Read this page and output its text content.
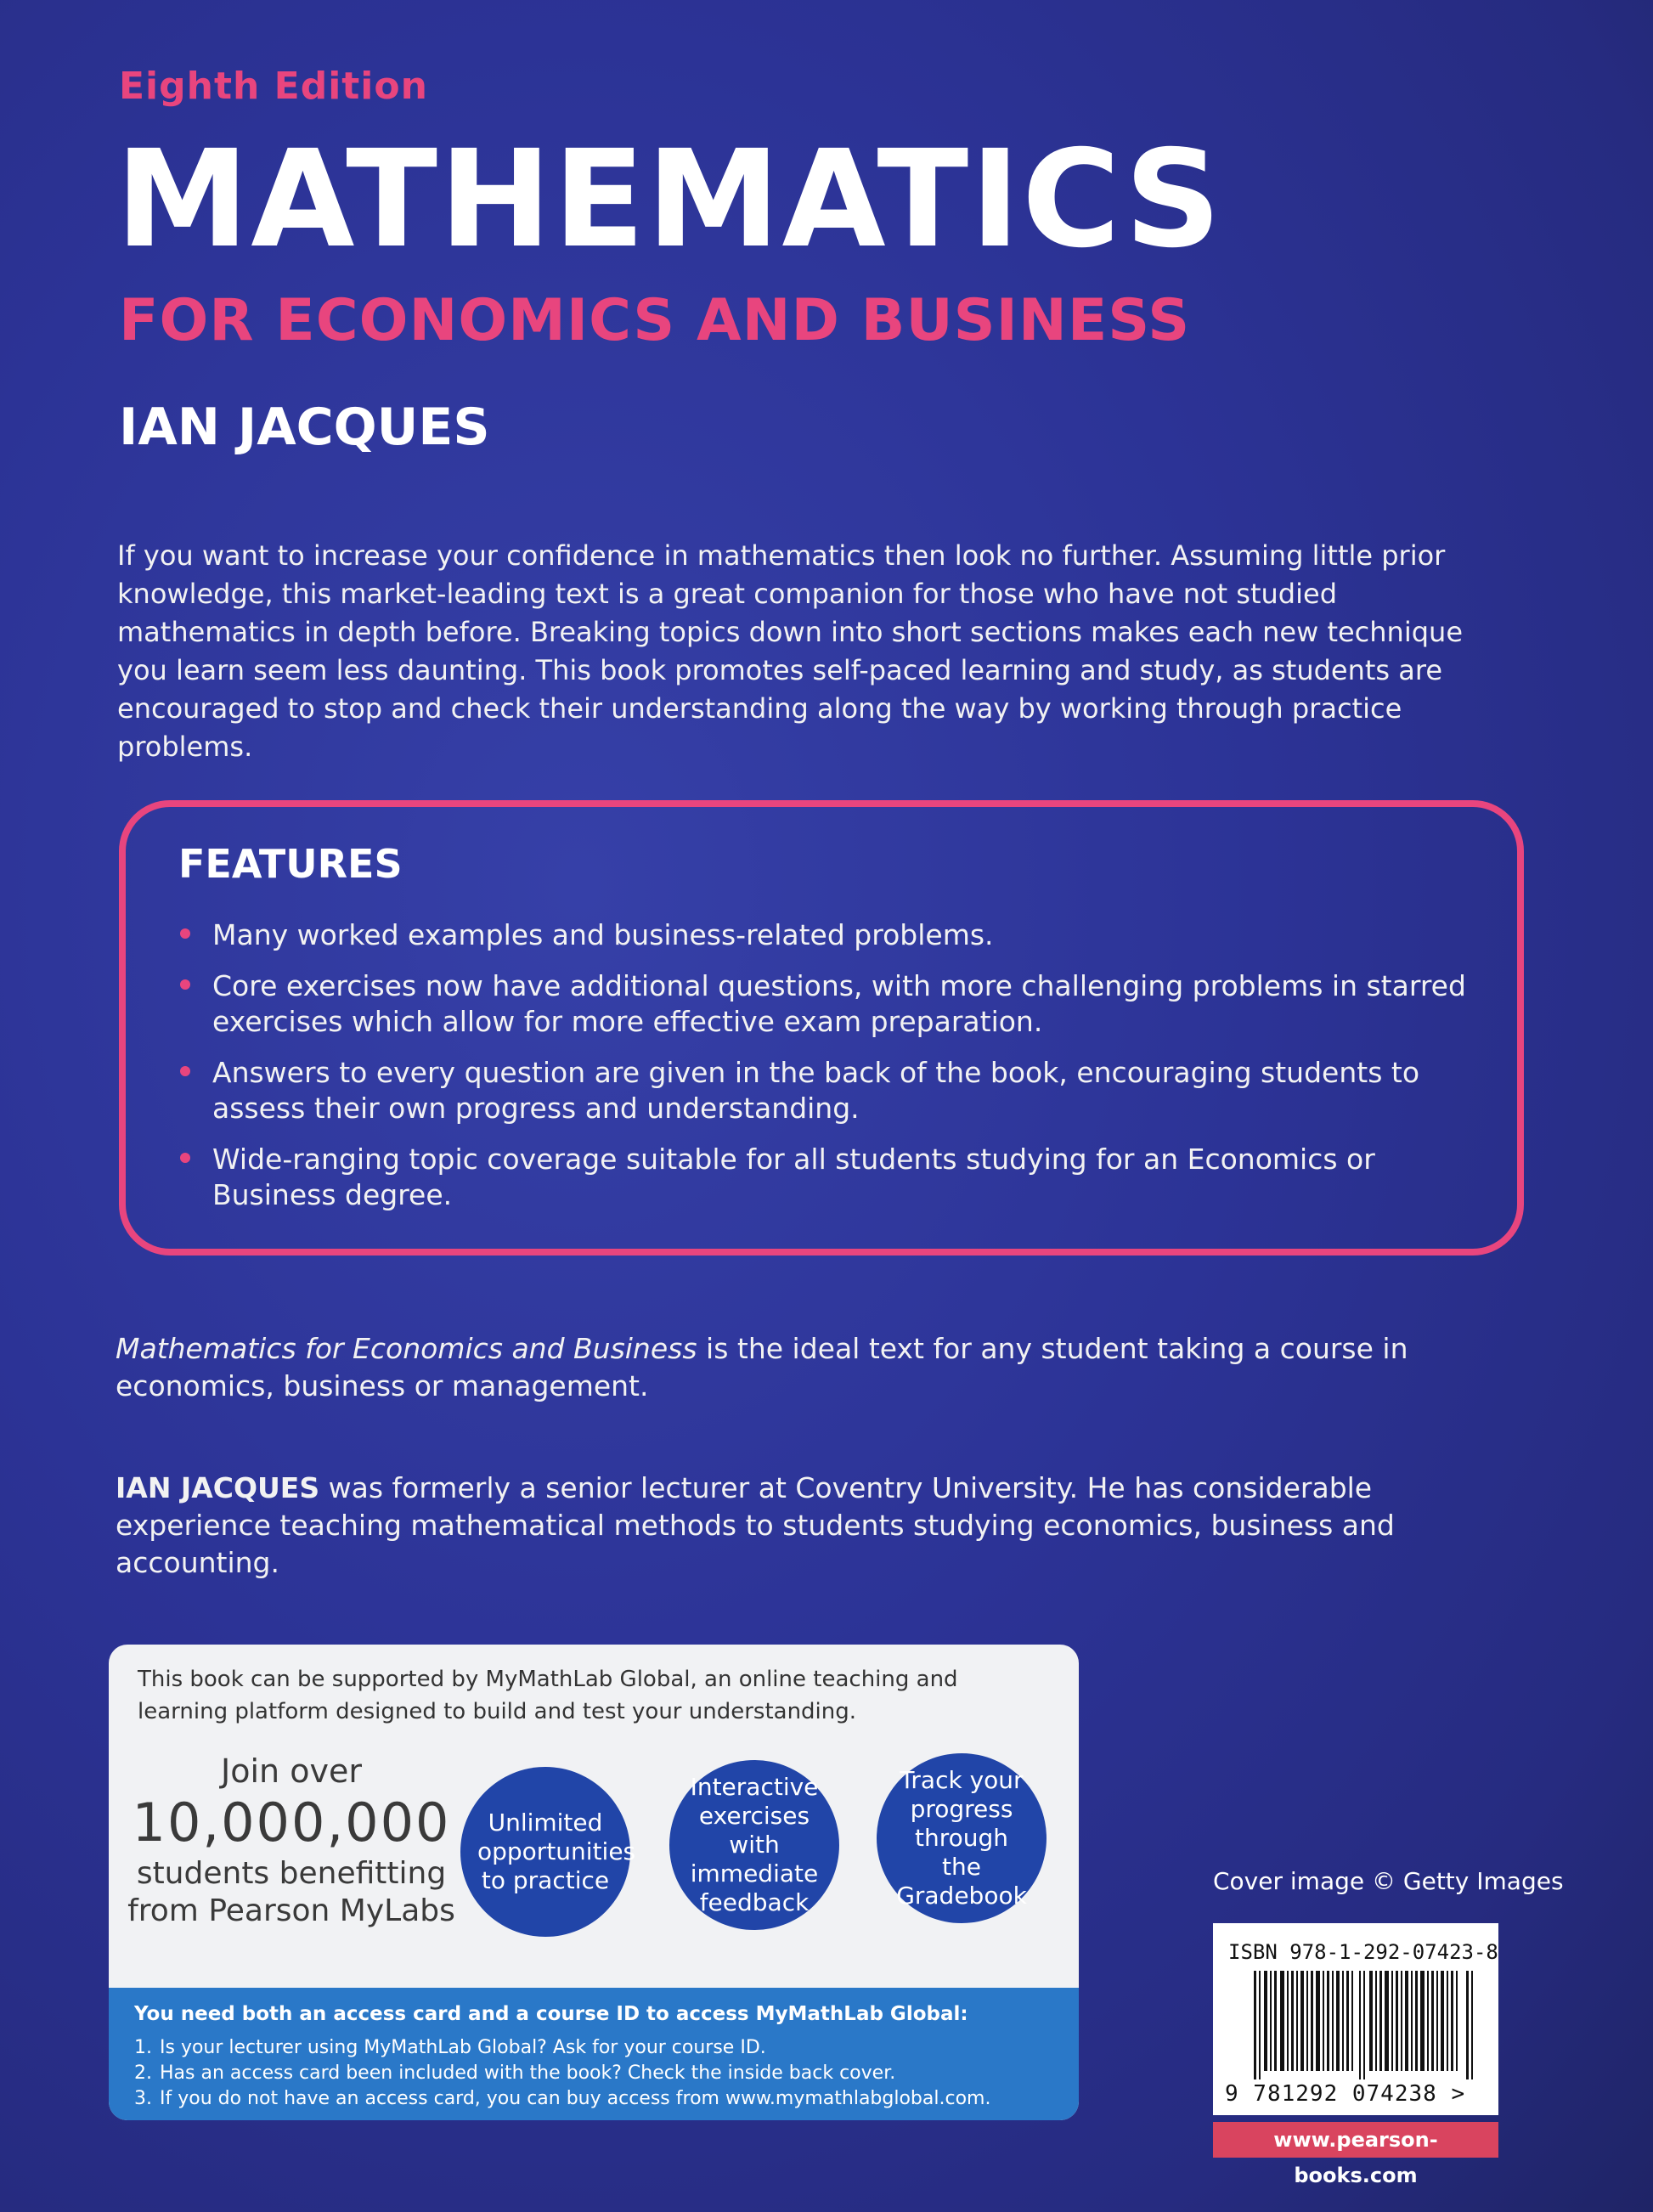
Eighth Edition
MATHEMATICS
FOR ECONOMICS AND BUSINESS
IAN JACQUES
If you want to increase your confidence in mathematics then look no further. Assuming little prior knowledge, this market-leading text is a great companion for those who have not studied mathematics in depth before. Breaking topics down into short sections makes each new technique you learn seem less daunting. This book promotes self-paced learning and study, as students are encouraged to stop and check their understanding along the way by working through practice problems.
FEATURES
Many worked examples and business-related problems.
Core exercises now have additional questions, with more challenging problems in starred exercises which allow for more effective exam preparation.
Answers to every question are given in the back of the book, encouraging students to assess their own progress and understanding.
Wide-ranging topic coverage suitable for all students studying for an Economics or Business degree.
Mathematics for Economics and Business is the ideal text for any student taking a course in economics, business or management.
IAN JACQUES was formerly a senior lecturer at Coventry University. He has considerable experience teaching mathematical methods to students studying economics, business and accounting.
This book can be supported by MyMathLab Global, an online teaching and learning platform designed to build and test your understanding.
Join over
10,000,000
students benefitting
from Pearson MyLabs
Unlimited opportunities to practice
Interactive exercises with immediate feedback
Track your progress through the Gradebook
You need both an access card and a course ID to access MyMathLab Global:
1. Is your lecturer using MyMathLab Global? Ask for your course ID.
2. Has an access card been included with the book? Check the inside back cover.
3. If you do not have an access card, you can buy access from www.mymathlabglobal.com.
Cover image © Getty Images
ISBN 978-1-292-07423-8
9 781292 074238 >
www.pearson-books.com
